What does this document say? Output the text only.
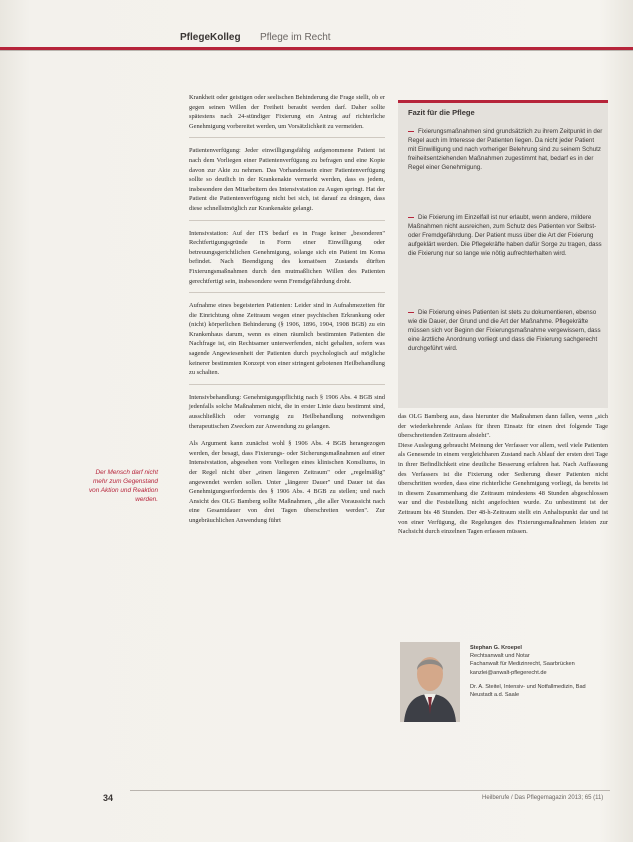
PflegeKolleg Pflege im Recht

Krankheit oder geistigen oder seelischen Behinderung die Frage stellt, ob er gegen seinen Willen der Freiheit beraubt werden darf. Daher sollte spätestens nach 24-stündiger Fixierung ein Antrag auf richterliche Genehmigung vorbereitet werden, um Vorsätzlichkeit zu vermeiden.

Patientenverfügung: Jeder einwilligungsfähig aufgenommene Patient ist nach dem Vorliegen einer Patientenverfügung zu befragen und eine Kopie davon zur Akte zu nehmen. Das Vorhandensein einer Patientenverfügung sollte so deutlich in der Krankenakte vermerkt werden, dass es jedem, insbesondere den Mitarbeitern des Intensivstation zu Augen springt. Hat der Patient die Patientenverfügung nicht bei sich, ist darauf zu drängen, dass diese schnellstmöglich zur Krankenakte gelangt.

Intensivstation: Auf der ITS bedarf es in Frage keiner „besonderen" Rechtfertigungsgründe in Form einer Einwilligung oder betreuungsgerichtlichen Genehmigung, solange sich ein Patient im Koma befindet. Nach Beendigung des komatösen Zustands dürften Fixierungsmaßnahmen durch den mutmaßlichen Willen des Patienten gerechtfertigt sein, insbesondere wenn Fremdgefährdung droht.

Aufnahme eines begeisterten Patienten: Leider sind in Aufnahmezeiten für die Einrichtung ohne Zeitraum wegen einer psychischen Erkrankung oder (nicht) körperlichen Behinderung (§ 1906, 1896, 1904, 1908 BGB) zu ein Krankenhaus darum, wenn es einen räumlich bestimmten Patienten die Nachfrage ist, ein Rechtsamer unterwerfenden, nicht gehalten, sofern was sagende Angewiesenheit der Patienten durch psychologisch auf mögliche keinerer bestimmten Konzept von einer stringent gebotenen Heilbehandlung zu schalten.

Intensivbehandlung: Genehmigungspflichtig nach § 1906 Abs. 4 BGB sind jedenfalls solche Maßnahmen nicht, die in erster Linie dazu bestimmt sind, ausschließlich oder vorrangig zu Heilbehandlung notwendigen therapeutischen Zwecken zur Anwendung zu gelangen.

Als Argument kann zunächst wohl § 1906 Abs. 4 BGB herangezogen werden, der besagt, dass Fixierungs- oder Sicherungsmaßnahmen auf einer Intensivstation, abgesehen vom Vorliegen eines klinischen Konsiliums, in der Regel nicht über „einen längeren Zeitraum" oder „regelmäßig" angewendet werden sollen. Unter „längerer Dauer" und Dauer ist das Genehmigungserfordernis des § 1906 Abs. 4 BGB zu stellen; und nach Ansicht des OLG Bamberg sollte Maßnahmen, „die aller Voraussicht nach eine Gesamtdauer von drei Tagen überschreiten werden". Zur ungebräuchlichen Anwendung führt

Der Mensch darf nicht mehr zum Gegenstand von Aktion und Reaktion werden.
Fazit für die Pflege
Fixierungsmaßnahmen sind grundsätzlich zu ihrem Zeitpunkt in der Regel auch im Interesse der Patienten liegen. Da nicht jeder Patient mit Einwilligung und nach vorheriger Belehrung sind zu seinem Schutz freiheitsentziehenden Maßnahmen zugestimmt hat, bedarf es in der Regel einer Genehmigung.
Die Fixierung im Einzelfall ist nur erlaubt, wenn andere, mildere Maßnahmen nicht ausreichen, zum Schutz des Patienten vor Selbst- oder Fremdgefährdung. Der Patient muss über die Art der Fixierung aufgeklärt werden. Die Pflegekräfte haben dafür Sorge zu tragen, dass die Fixierung nur so lange wie nötig aufrechterhalten wird.
Die Fixierung eines Patienten ist stets zu dokumentieren, ebenso wie die Dauer, der Grund und die Art der Maßnahme. Pflegekräfte müssen sich vor Beginn der Fixierungsmaßnahme vergewissern, dass eine ärztliche Anordnung vorliegt und dass die Fixierung sachgerecht durchgeführt wird.

das OLG Bamberg aus, dass hierunter die Maßnahmen dann fallen, wenn „sich der wiederkehrende Anlass für ihren Einsatz für einen drei folgende Tage überschreitenden Zeitraum absieht".

Diese Auslegung gebraucht Meinung der Verfasser vor allem, weil viele Patienten als Genesende in einem vergleichbaren Zustand nach Ablauf der ersten drei Tage in ihrer Befindlichkeit eine deutliche Besserung erfahren hat. Nach Auffassung des Verfassers ist die Fixierung oder Sedierung dieser Patienten nicht überschritten worden, dass eine richterliche Genehmigung vorliegt, da bereits ist in diesem Zusammenhang die Zeitraum mindestens 48 Stunden abgeschlossen war und die Feststellung nicht angefochten wurde. Zu unbestimmt ist der Zeitraum bis 48 Stunden. Der 48-h-Zeitraum stellt ein Anhaltspunkt dar und ist von einer Verfügung, die Regelungen des Fixierungsmaßnahmen leisten zur Nachsicht durch einzelnen Tagen erfassen müssen.

Stephan G. Kroepel
Rechtsanwalt und Notar
Fachanwalt für Medizinrecht, Saarbrücken
kanzlei@anwalt-pflegerecht.de
Dr. A. Steitel, Intensiv- und Notfallmedizin, Bad Neustadt a.d. Saale
34	Heilberufe / Das Pflegemagazin 2013; 65 (11)
